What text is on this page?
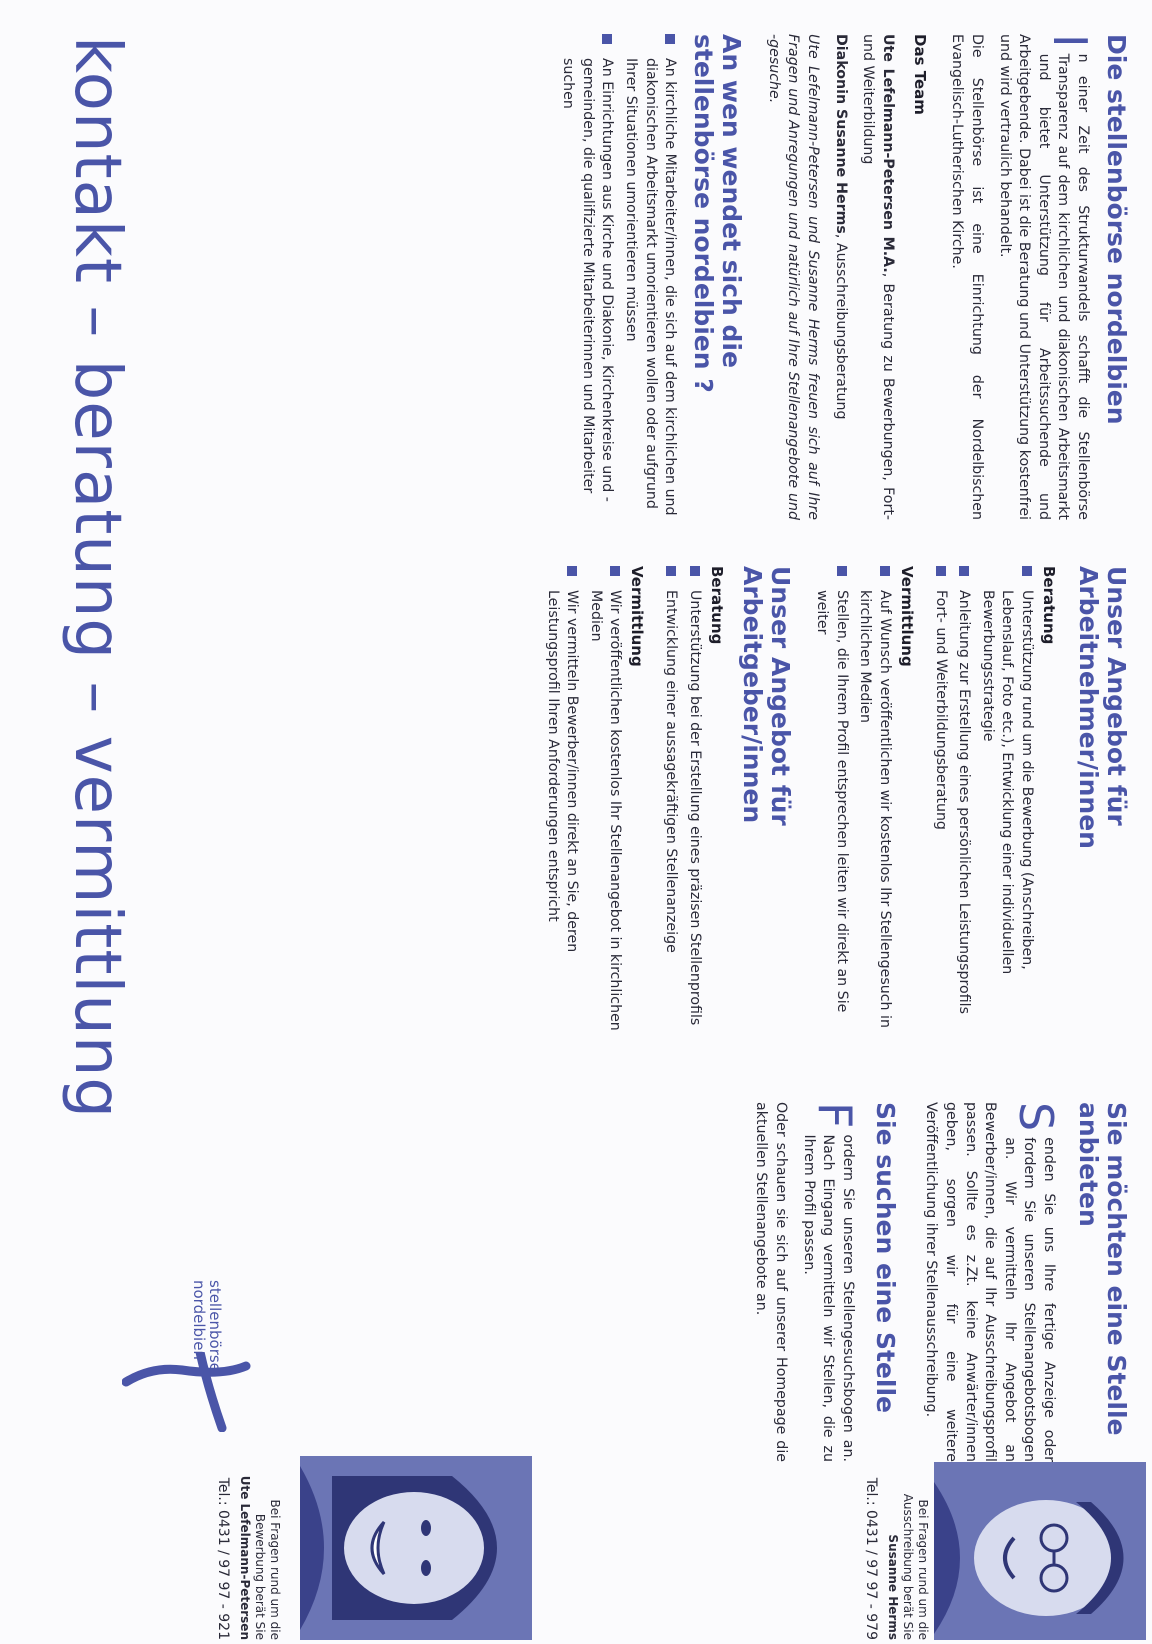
Die stellenbörse nordelbien

I
n einer Zeit des Strukturwandels schafft die Stellenbörse Transparenz auf dem kirchlichen und diakonischen Arbeitsmarkt und bietet Unterstützung für Arbeitssuchende und Arbeitgebende. Dabei ist die Beratung und Unterstützung kostenfrei und wird vertraulich behandelt.

Die Stellenbörse ist eine Einrichtung der Nordelbischen Evangelisch-Lutherischen Kirche.

Das Team

Ute Lefelmann-Petersen M.A., Beratung zu Bewerbungen, Fort- und Weiterbildung

Diakonin Susanne Herms, Ausschreibungsberatung

Ute Lefelmann-Petersen und Susanne Herms freuen sich auf Ihre Fragen und Anregungen und natürlich auf Ihre Stellenangebote und -gesuche.

An wen wendet sich die stellenbörse nordelbien ?
An kirchliche Mitarbeiter/innen, die sich auf dem kirchlichen und diakonischen Arbeitsmarkt umorientieren wollen oder aufgrund Ihrer Situationen umorientieren müssen
An Einrichtungen aus Kirche und Diakonie, Kirchenkreise und -gemeinden, die qualifizierte Mitarbeiterinnen und Mitarbeiter suchen
Unser Angebot für Arbeitnehmer/innen
Beratung
Unterstützung rund um die Bewerbung (Anschreiben, Lebenslauf, Foto etc.), Entwicklung einer individuellen Bewerbungsstrategie
Anleitung zur Erstellung eines persönlichen Leistungsprofils
Fort- und Weiterbildungsberatung
Vermittlung
Auf Wunsch veröffentlichen wir kostenlos Ihr Stellengesuch in kirchlichen Medien
Stellen, die Ihrem Profil entsprechen leiten wir direkt an Sie weiter
Unser Angebot für Arbeitgeber/innen
Beratung
Unterstützung bei der Erstellung eines präzisen Stellenprofils
Entwicklung einer aussagekräftigen Stellenanzeige
Vermittlung
Wir veröffentlichen kostenlos Ihr Stellenangebot in kirchlichen Medien
Wir vermitteln Bewerber/innen direkt an Sie, deren Leistungsprofil Ihren Anforderungen entspricht
Sie möchten eine Stelle anbieten

S
enden Sie uns Ihre fertige Anzeige oder fordern Sie unseren Stellenangebotsbogen an. Wir vermitteln Ihr Angebot an Bewerber/innen, die auf Ihr Ausschreibungsprofil passen. Sollte es z.Zt. keine Anwärter/innen geben, sorgen wir für eine weitere Veröffentlichung ihrer Stellenausschreibung.

Sie suchen eine Stelle

F
ordern Sie unseren Stellengesuchsbogen an. Nach Eingang vermitteln wir Stellen, die zu Ihrem Profil passen.

Oder schauen sie sich auf unserer Homepage die aktuellen Stellenangebote an.

Bei Fragen rund um die
Ausschreibung berät Sie
Susanne Herms
Tel.: 0431 / 97 97 - 979
Bei Fragen rund um die
Bewerbung berät Sie
Ute Lefelmann-Petersen
Tel.: 0431 / 97 97 - 921
stellenbörse
nordelbien
kontakt – beratung – vermittlung
